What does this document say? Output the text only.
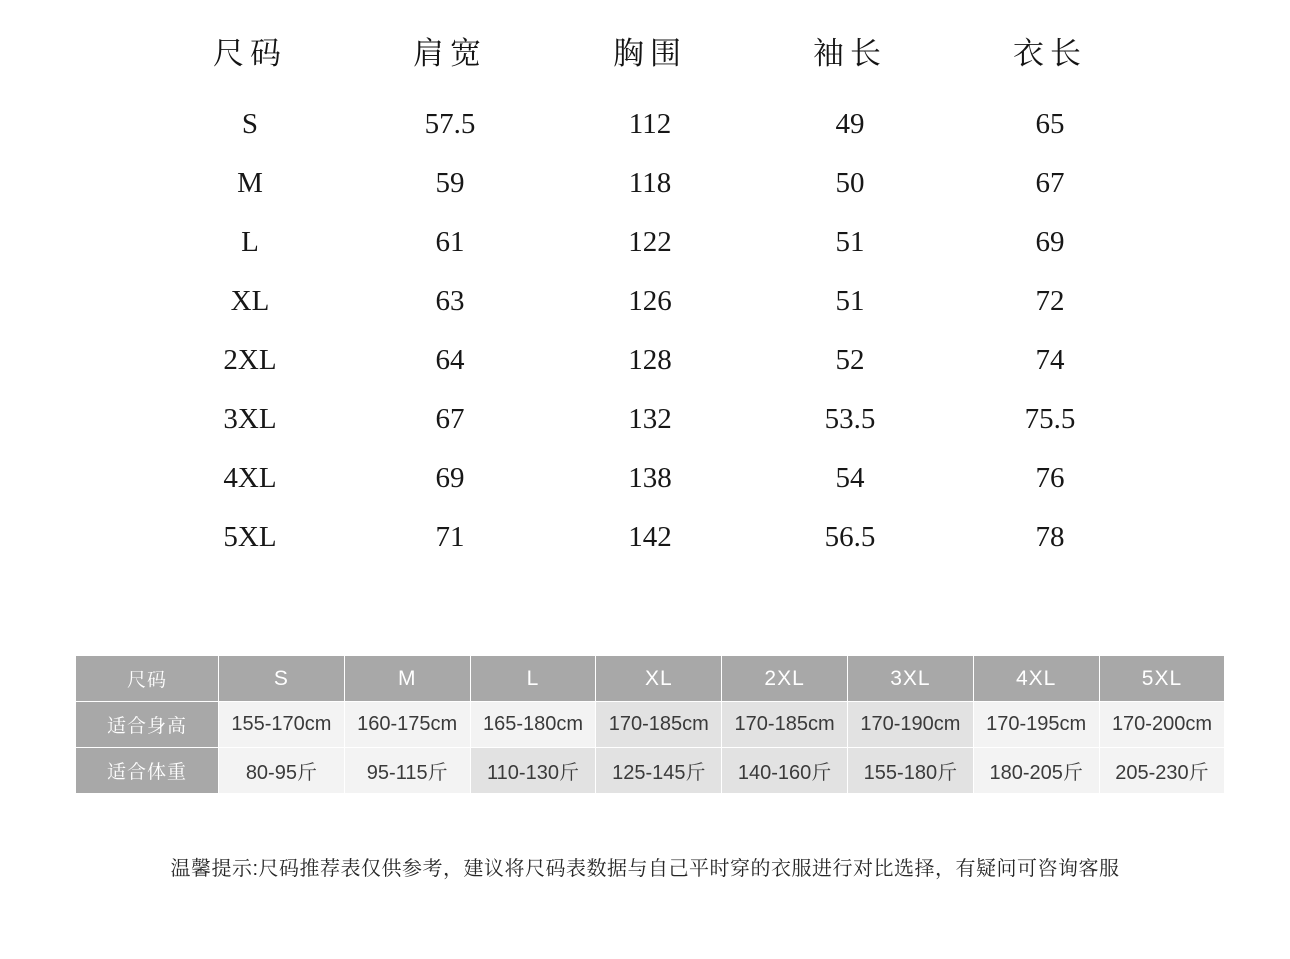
尺码	肩宽	胸围	袖长	衣长
S	57.5	112	49	65
M	59	118	50	67
L	61	122	51	69
XL	63	126	51	72
2XL	64	128	52	74
3XL	67	132	53.5	75.5
4XL	69	138	54	76
5XL	71	142	56.5	78
尺码	S	M	L	XL	2XL	3XL	4XL	5XL
适合身高	155-170cm	160-175cm	165-180cm	170-185cm	170-185cm	170-190cm	170-195cm	170-200cm
适合体重	80-95斤	95-115斤	110-130斤	125-145斤	140-160斤	155-180斤	180-205斤	205-230斤
温馨提示:尺码推荐表仅供参考，建议将尺码表数据与自己平时穿的衣服进行对比选择，有疑问可咨询客服
